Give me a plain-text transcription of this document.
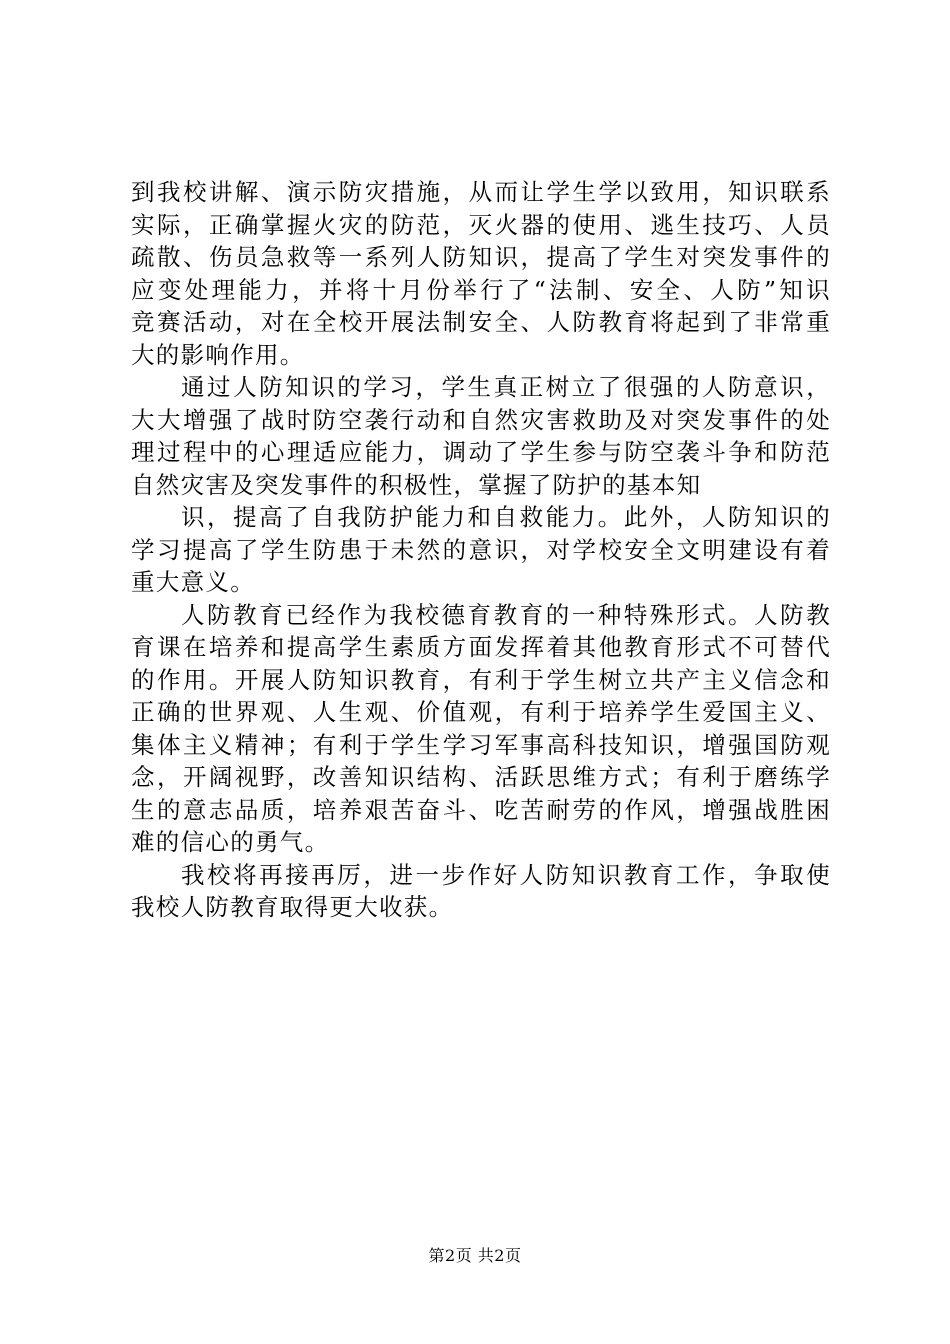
到我校讲解、演示防灾措施，从而让学生学以致用，知识联系
实际，正确掌握火灾的防范，灭火器的使用、逃生技巧、人员
疏散、伤员急救等一系列人防知识，提高了学生对突发事件的
应变处理能力，并将十月份举行了“法制、安全、人防”知识
竞赛活动，对在全校开展法制安全、人防教育将起到了非常重
大的影响作用。
通过人防知识的学习，学生真正树立了很强的人防意识，
大大增强了战时防空袭行动和自然灾害救助及对突发事件的处
理过程中的心理适应能力，调动了学生参与防空袭斗争和防范
自然灾害及突发事件的积极性，掌握了防护的基本知
识，提高了自我防护能力和自救能力。此外，人防知识的
学习提高了学生防患于未然的意识，对学校安全文明建设有着
重大意义。
人防教育已经作为我校德育教育的一种特殊形式。人防教
育课在培养和提高学生素质方面发挥着其他教育形式不可替代
的作用。开展人防知识教育，有利于学生树立共产主义信念和
正确的世界观、人生观、价值观，有利于培养学生爱国主义、
集体主义精神；有利于学生学习军事高科技知识，增强国防观
念，开阔视野，改善知识结构、活跃思维方式；有利于磨练学
生的意志品质，培养艰苦奋斗、吃苦耐劳的作风，增强战胜困
难的信心的勇气。
我校将再接再厉，进一步作好人防知识教育工作，争取使
我校人防教育取得更大收获。
第2页 共2页
